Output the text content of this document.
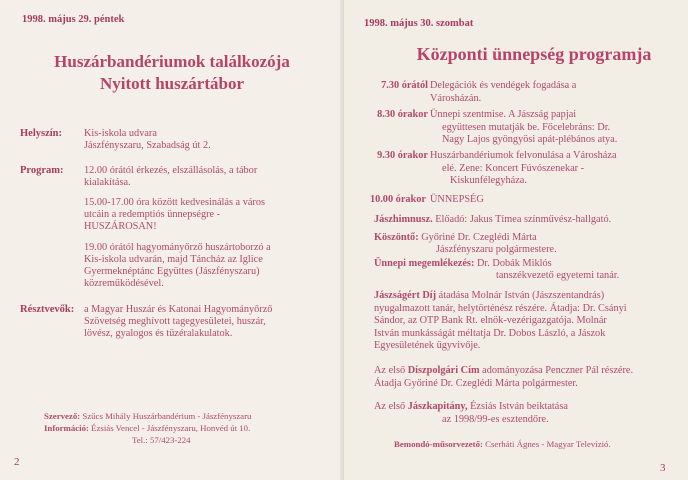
1998. május 29. péntek
Huszárbandériumok találkozója
Nyitott huszártábor
Helyszín: Kis-iskola udvara
Jászfényszaru, Szabadság út 2.
Program: 12.00 órától érkezés, elszállásolás, a tábor
kialakítása.
15.00-17.00 óra között kedvesinálás a város
utcáin a redemptiós ünnepségre -
HUSZÁROSAN!
19.00 órától hagyományőrző huszártoborzó a
Kis-iskola udvarán, majd Táncház az Iglice
Gyermeknéptánc Együttes (Jászfényszaru)
közreműködésével.
Résztvevők: a Magyar Huszár és Katonai Hagyományőrző
Szövetség meghívott tagegyesületei, huszár,
lövész, gyalogos és tüzéralakulatok.
Szervező: Szűcs Mihály Huszárbandérium - Jászfényszaru
Információ: Ézsiás Vencel - Jászfényszaru, Honvéd út 10.
Tel.: 57/423-224
2
1998. május 30. szombat
Központi ünnepség programja
7.30 órától Delegációk és vendégek fogadása a
Városházán.
8.30 órakor Ünnepi szentmise. A Jászság papjai
együttesen mutatják be. Főcelebráns: Dr.
Nagy Lajos gyöngyösi apát-plébános atya.
9.30 órakor Huszárbandériumok felvonulása a Városháza
elé. Zene: Koncert Fúvószenekar -
Kiskunfélegyháza.
10.00 órakor ÜNNEPSÉG
Jászhimnusz. Előadó: Jakus Tímea színművész-hallgató.
Köszöntő: Győriné Dr. Czeglédi Márta
Jászfényszaru polgármestere.
Ünnepi megemlékezés: Dr. Dobák Miklós
tanszékvezető egyetemi tanár.
Jászságért Díj átadása Molnár István (Jászszentandrás)
nyugalmazott tanár, helytörténész részére. Átadja: Dr. Csányi
Sándor, az OTP Bank Rt. elnök-vezérigazgatója. Molnár
István munkásságát méltatja Dr. Dobos László, a Jászok
Egyesületének ügyvivője.
Az első Díszpolgári Cím adományozása Penczner Pál részére.
Átadja Győriné Dr. Czeglédi Márta polgármester.
Az első Jászkapitány, Ézsiás István beiktatása
az 1998/99-es esztendőre.
Bemondó-műsorvezető: Cserháti Ágnes - Magyar Televízió.
3
